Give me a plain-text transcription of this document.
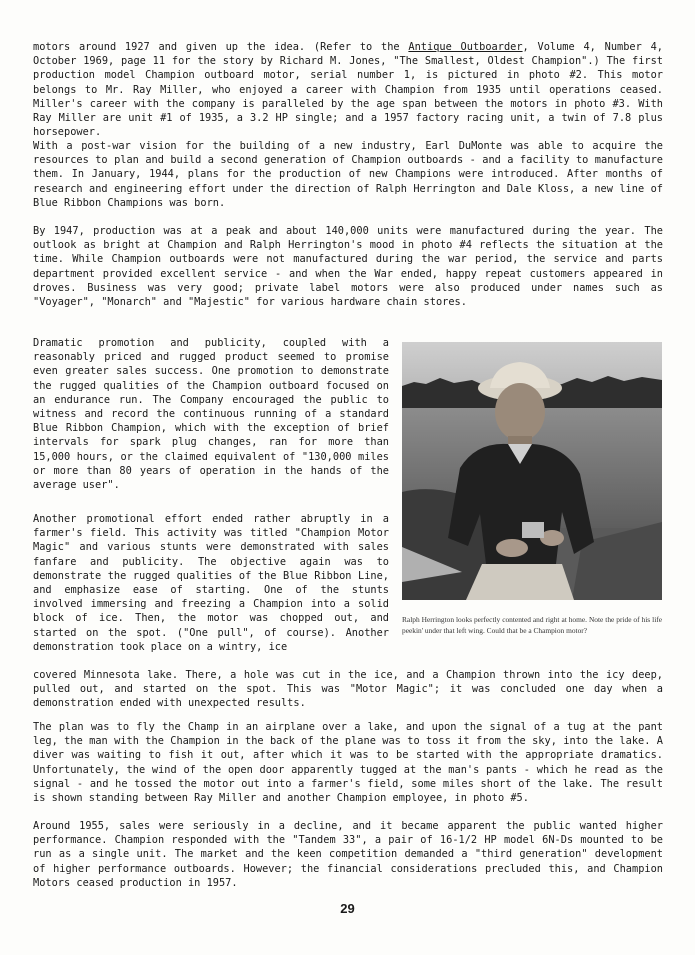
motors around 1927 and given up the idea. (Refer to the Antique Outboarder, Volume 4, Number 4, October 1969, page 11 for the story by Richard M. Jones, "The Smallest, Oldest Champion".) The first production model Champion outboard motor, serial number 1, is pictured in photo #2. This motor belongs to Mr. Ray Miller, who enjoyed a career with Champion from 1935 until operations ceased. Miller's career with the company is paralleled by the age span between the motors in photo #3. With Ray Miller are unit #1 of 1935, a 3.2 HP single; and a 1957 factory racing unit, a twin of 7.8 plus horsepower.

With a post-war vision for the building of a new industry, Earl DuMonte was able to acquire the resources to plan and build a second generation of Champion outboards - and a facility to manufacture them. In January, 1944, plans for the production of new Champions were introduced. After months of research and engineering effort under the direction of Ralph Herrington and Dale Kloss, a new line of Blue Ribbon Champions was born.

By 1947, production was at a peak and about 140,000 units were manufactured during the year. The outlook as bright at Champion and Ralph Herrington's mood in photo #4 reflects the situation at the time. While Champion outboards were not manufactured during the war period, the service and parts department provided excellent service - and when the War ended, happy repeat customers appeared in droves. Business was very good; private label motors were also produced under names such as "Voyager", "Monarch" and "Majestic" for various hardware chain stores.

Dramatic promotion and publicity, coupled with a reasonably priced and rugged product seemed to promise even greater sales success. One promotion to demonstrate the rugged qualities of the Champion outboard focused on an endurance run. The Company encouraged the public to witness and record the continuous running of a standard Blue Ribbon Champion, which with the exception of brief intervals for spark plug changes, ran for more than 15,000 hours, or the claimed equivalent of "130,000 miles or more than 80 years of operation in the hands of the average user".

Another promotional effort ended rather abruptly in a farmer's field. This activity was titled "Champion Motor Magic" and various stunts were demonstrated with sales fanfare and publicity. The objective again was to demonstrate the rugged qualities of the Blue Ribbon Line, and emphasize ease of starting. One of the stunts involved immersing and freezing a Champion into a solid block of ice. Then, the motor was chopped out, and started on the spot. ("One pull", of course). Another demonstration took place on a wintry, ice

covered Minnesota lake. There, a hole was cut in the ice, and a Champion thrown into the icy deep, pulled out, and started on the spot. This was "Motor Magic"; it was concluded one day when a demonstration ended with unexpected results.

The plan was to fly the Champ in an airplane over a lake, and upon the signal of a tug at the pant leg, the man with the Champion in the back of the plane was to toss it from the sky, into the lake. A diver was waiting to fish it out, after which it was to be started with the appropriate dramatics. Unfortunately, the wind of the open door apparently tugged at the man's pants - which he read as the signal - and he tossed the motor out into a farmer's field, some miles short of the lake. The result is shown standing between Ray Miller and another Champion employee, in photo #5.

Around 1955, sales were seriously in a decline, and it became apparent the public wanted higher performance. Champion responded with the "Tandem 33", a pair of 16-1/2 HP model 6N-Ds mounted to be run as a single unit. The market and the keen competition demanded a "third generation" development of higher performance outboards. However; the financial considerations precluded this, and Champion Motors ceased production in 1957.

Ralph Herrington looks perfectly contented and right at home. Note the pride of his life peekin' under that left wing. Could that be a Champion motor?

29
